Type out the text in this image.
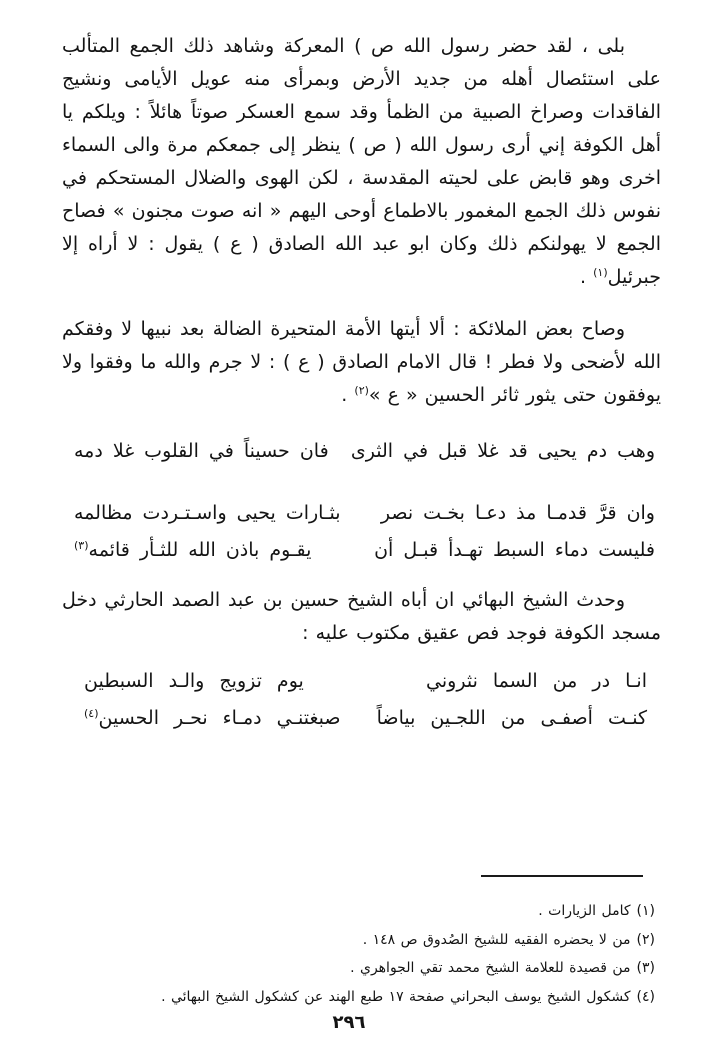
بلى ، لقد حضر رسول الله ص ) المعركة وشاهد ذلك الجمع المتألب على استئصال أهله من جديد الأرض وبمرأى منه عويل الأيامى ونشيج الفاقدات وصراخ الصبية من الظمأ وقد سمع العسكر صوتاً هائلاً : ويلكم يا أهل الكوفة إني أرى رسول الله ( ص ) ينظر إلى جمعكم مرة والى السماء اخرى وهو قابض على لحيته المقدسة ، لكن الهوى والضلال المستحكم في نفوس ذلك الجمع المغمور بالاطماع أوحى اليهم « انه صوت مجنون » فصاح الجمع لا يهولنكم ذلك وكان ابو عبد الله الصادق ( ع ) يقول : لا أراه إلا جبرئيل$^{(١)}$ .

وصاح بعض الملائكة : ألا أيتها الأمة المتحيرة الضالة بعد نبيها لا وفقكم الله لأضحى ولا فطر ! قال الامام الصادق ( ع ) : لا جرم والله ما وفقوا ولا يوفقون حتى يثور ثائر الحسين « ع »$^{(٢)}$ .

وهب دم يحيى قد غلا قبل في الثرى
فان حسيناً في القلوب غلا دمه
وان قرَّ قدمـا مذ دعـا بخـت نصر
بثـارات يحيى واسـتـردت مظالمه
فليست دماء السبط تهـدأ قبـل أن
يقـوم باذن الله للثـأر قائمه$^{(٣)}$

وحدث الشيخ البهائي ان أباه الشيخ حسين بن عبد الصمد الحارثي دخل مسجد الكوفة فوجد فص عقيق مكتوب عليه :

انـا در من السما نثروني
يوم تزويج والـد السبطين
كنـت أصفـى من اللجـين بياضاً
صبغتنـي دمـاء نحـر الحسين$^{(٤)}$
(١)كامل الزيارات .
(٢)من لا يحضره الفقيه للشيخ الصُدوق ص ١٤٨ .
(٣)من قصيدة للعلامة الشيخ محمد تقي الجواهري .
(٤)كشكول الشيخ يوسف البحراني صفحة ١٧ طبع الهند عن كشكول الشيخ البهائي .
٢٩٦
